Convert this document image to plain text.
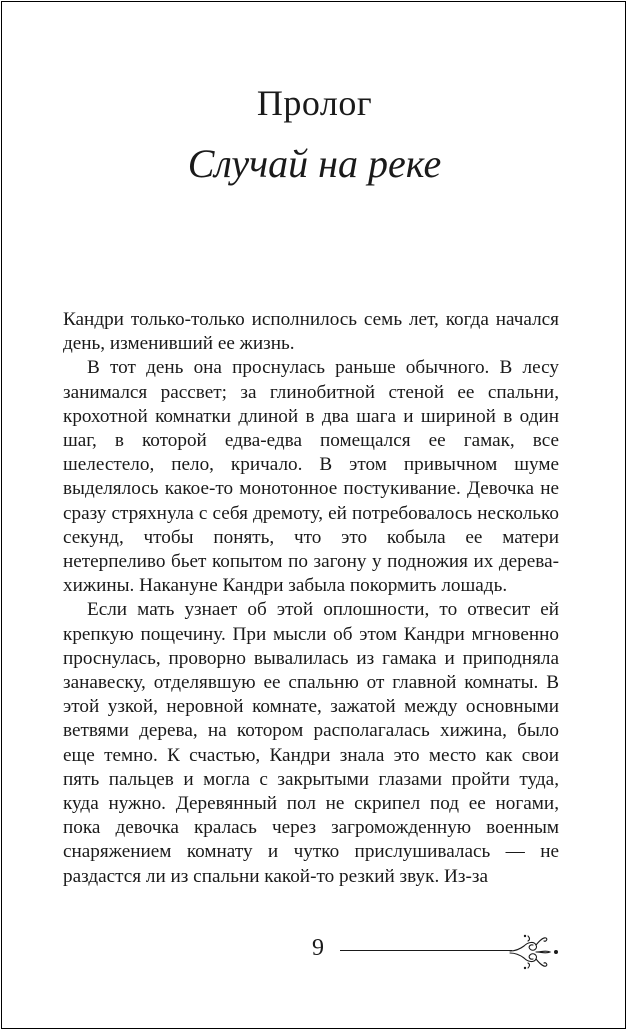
Пролог
Случай на реке

Кандри только-только исполнилось семь лет, когда начался день, изменивший ее жизнь.

В тот день она проснулась раньше обычного. В лесу занимался рассвет; за глинобитной стеной ее спальни, крохотной комнатки длиной в два шага и шириной в один шаг, в которой едва-едва помещался ее гамак, все шелестело, пело, кричало. В этом привычном шуме выделялось какое-то монотонное постукивание. Девочка не сразу стряхнула с себя дремоту, ей потребовалось несколько секунд, чтобы понять, что это кобыла ее матери нетерпеливо бьет копытом по загону у подножия их дерева-хижины. Накануне Кандри забыла покормить лошадь.

Если мать узнает об этой оплошности, то отвесит ей крепкую пощечину. При мысли об этом Кандри мгновенно проснулась, проворно вывалилась из гамака и приподняла занавеску, отделявшую ее спальню от главной комнаты. В этой узкой, неровной комнате, зажатой между основными ветвями дерева, на котором располагалась хижина, было еще темно. К счастью, Кандри знала это место как свои пять пальцев и могла с закрытыми глазами пройти туда, куда нужно. Деревянный пол не скрипел под ее ногами, пока девочка кралась через загроможденную военным снаряжением комнату и чутко прислушивалась — не раздастся ли из спальни какой-то резкий звук. Из-за

9
